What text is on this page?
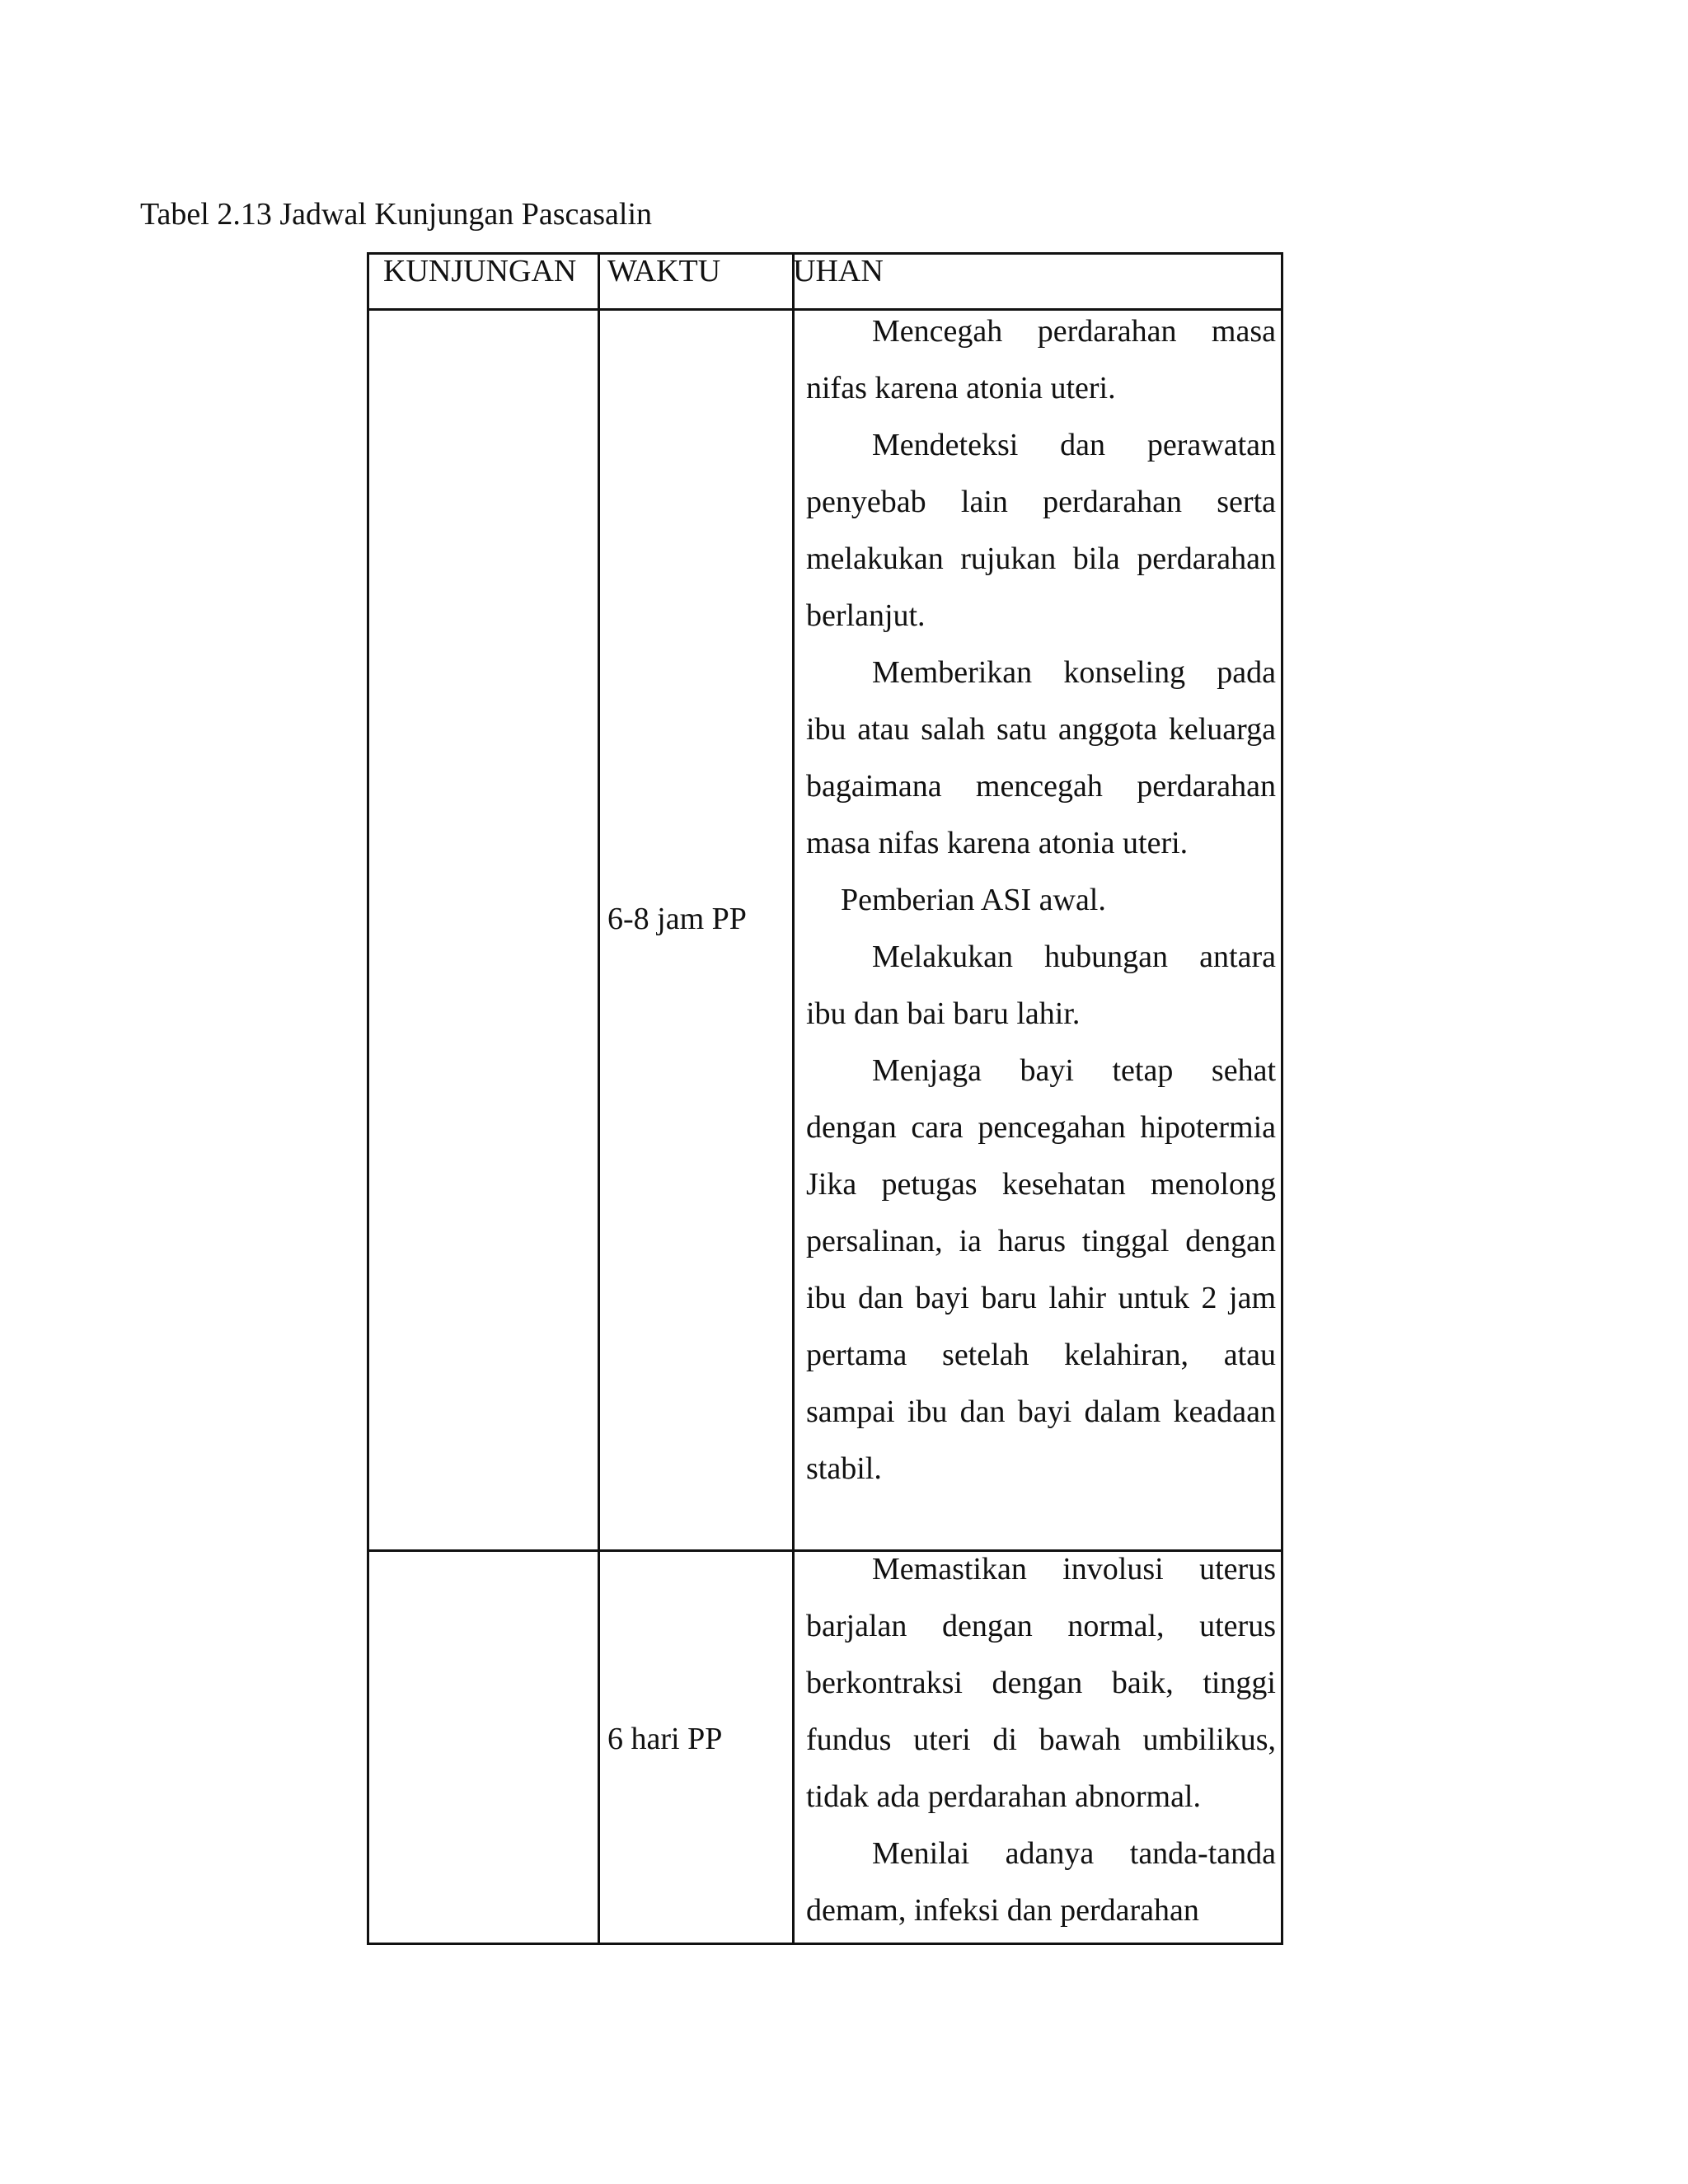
Tabel 2.13 Jadwal Kunjungan Pascasalin
KUNJUNGAN WAKTU UHAN
6-8 jam PP

Mencegah perdarahan masa nifas karena atonia uteri.

Mendeteksi dan perawatan penyebab lain perdarahan serta melakukan rujukan bila perdarahan berlanjut.

Memberikan konseling pada ibu atau salah satu anggota keluarga bagaimana mencegah perdarahan masa nifas karena atonia uteri.

Pemberian ASI awal.

Melakukan hubungan antara ibu dan bai baru lahir.

Menjaga bayi tetap sehat dengan cara pencegahan hipotermia Jika petugas kesehatan menolong persalinan, ia harus tinggal dengan ibu dan bayi baru lahir untuk 2 jam pertama setelah kelahiran, atau sampai ibu dan bayi dalam keadaan stabil.

6 hari PP

Memastikan involusi uterus barjalan dengan normal, uterus berkontraksi dengan baik, tinggi fundus uteri di bawah umbilikus, tidak ada perdarahan abnormal.

Menilai adanya tanda-tanda demam, infeksi dan perdarahan
